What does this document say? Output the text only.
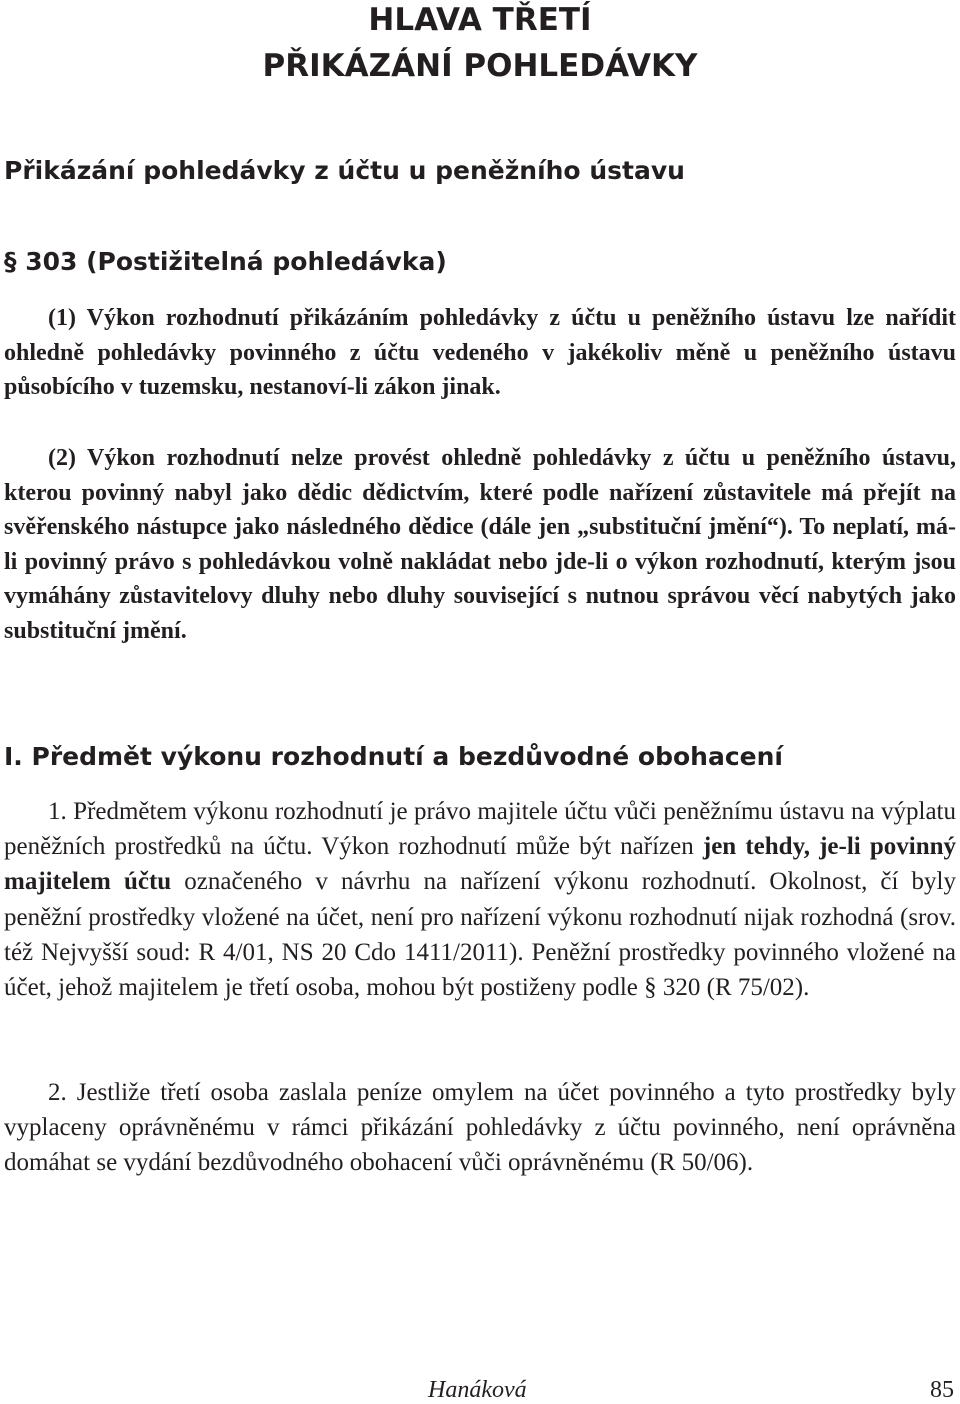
HLAVA TŘETÍ
PŘIKÁZÁNÍ POHLEDÁVKY
Přikázání pohledávky z účtu u peněžního ústavu
§ 303 (Postižitelná pohledávka)

(1) Výkon rozhodnutí přikázáním pohledávky z účtu u peněžního ústavu lze nařídit ohledně pohledávky povinného z účtu vedeného v jakékoliv měně u peněžního ústavu působícího v tuzemsku, nestanoví-li zákon jinak.

(2) Výkon rozhodnutí nelze provést ohledně pohledávky z účtu u peněžního ústavu, kterou povinný nabyl jako dědic dědictvím, které podle nařízení zůstavitele má přejít na svěřenského nástupce jako následného dědice (dále jen „substituční jmění“). To neplatí, má-li povinný právo s pohledávkou volně nakládat nebo jde-li o výkon rozhodnutí, kterým jsou vymáhány zůstavitelovy dluhy nebo dluhy související s nutnou správou věcí nabytých jako substituční jmění.

I. Předmět výkonu rozhodnutí a bezdůvodné obohacení

1. Předmětem výkonu rozhodnutí je právo majitele účtu vůči peněžnímu ústavu na výplatu peněžních prostředků na účtu. Výkon rozhodnutí může být nařízen jen tehdy, je-li povinný majitelem účtu označeného v návrhu na nařízení výkonu rozhodnutí. Okolnost, čí byly peněžní prostředky vložené na účet, není pro nařízení výkonu rozhodnutí nijak rozhodná (srov. též Nejvyšší soud: R 4/01, NS 20 Cdo 1411/2011). Peněžní prostředky povinného vložené na účet, jehož majitelem je třetí osoba, mohou být postiženy podle § 320 (R 75/02).

2. Jestliže třetí osoba zaslala peníze omylem na účet povinného a tyto prostředky byly vyplaceny oprávněnému v rámci přikázání pohledávky z účtu povinného, není oprávněna domáhat se vydání bezdůvodného obohacení vůči oprávněnému (R 50/06).

Hanáková	85
